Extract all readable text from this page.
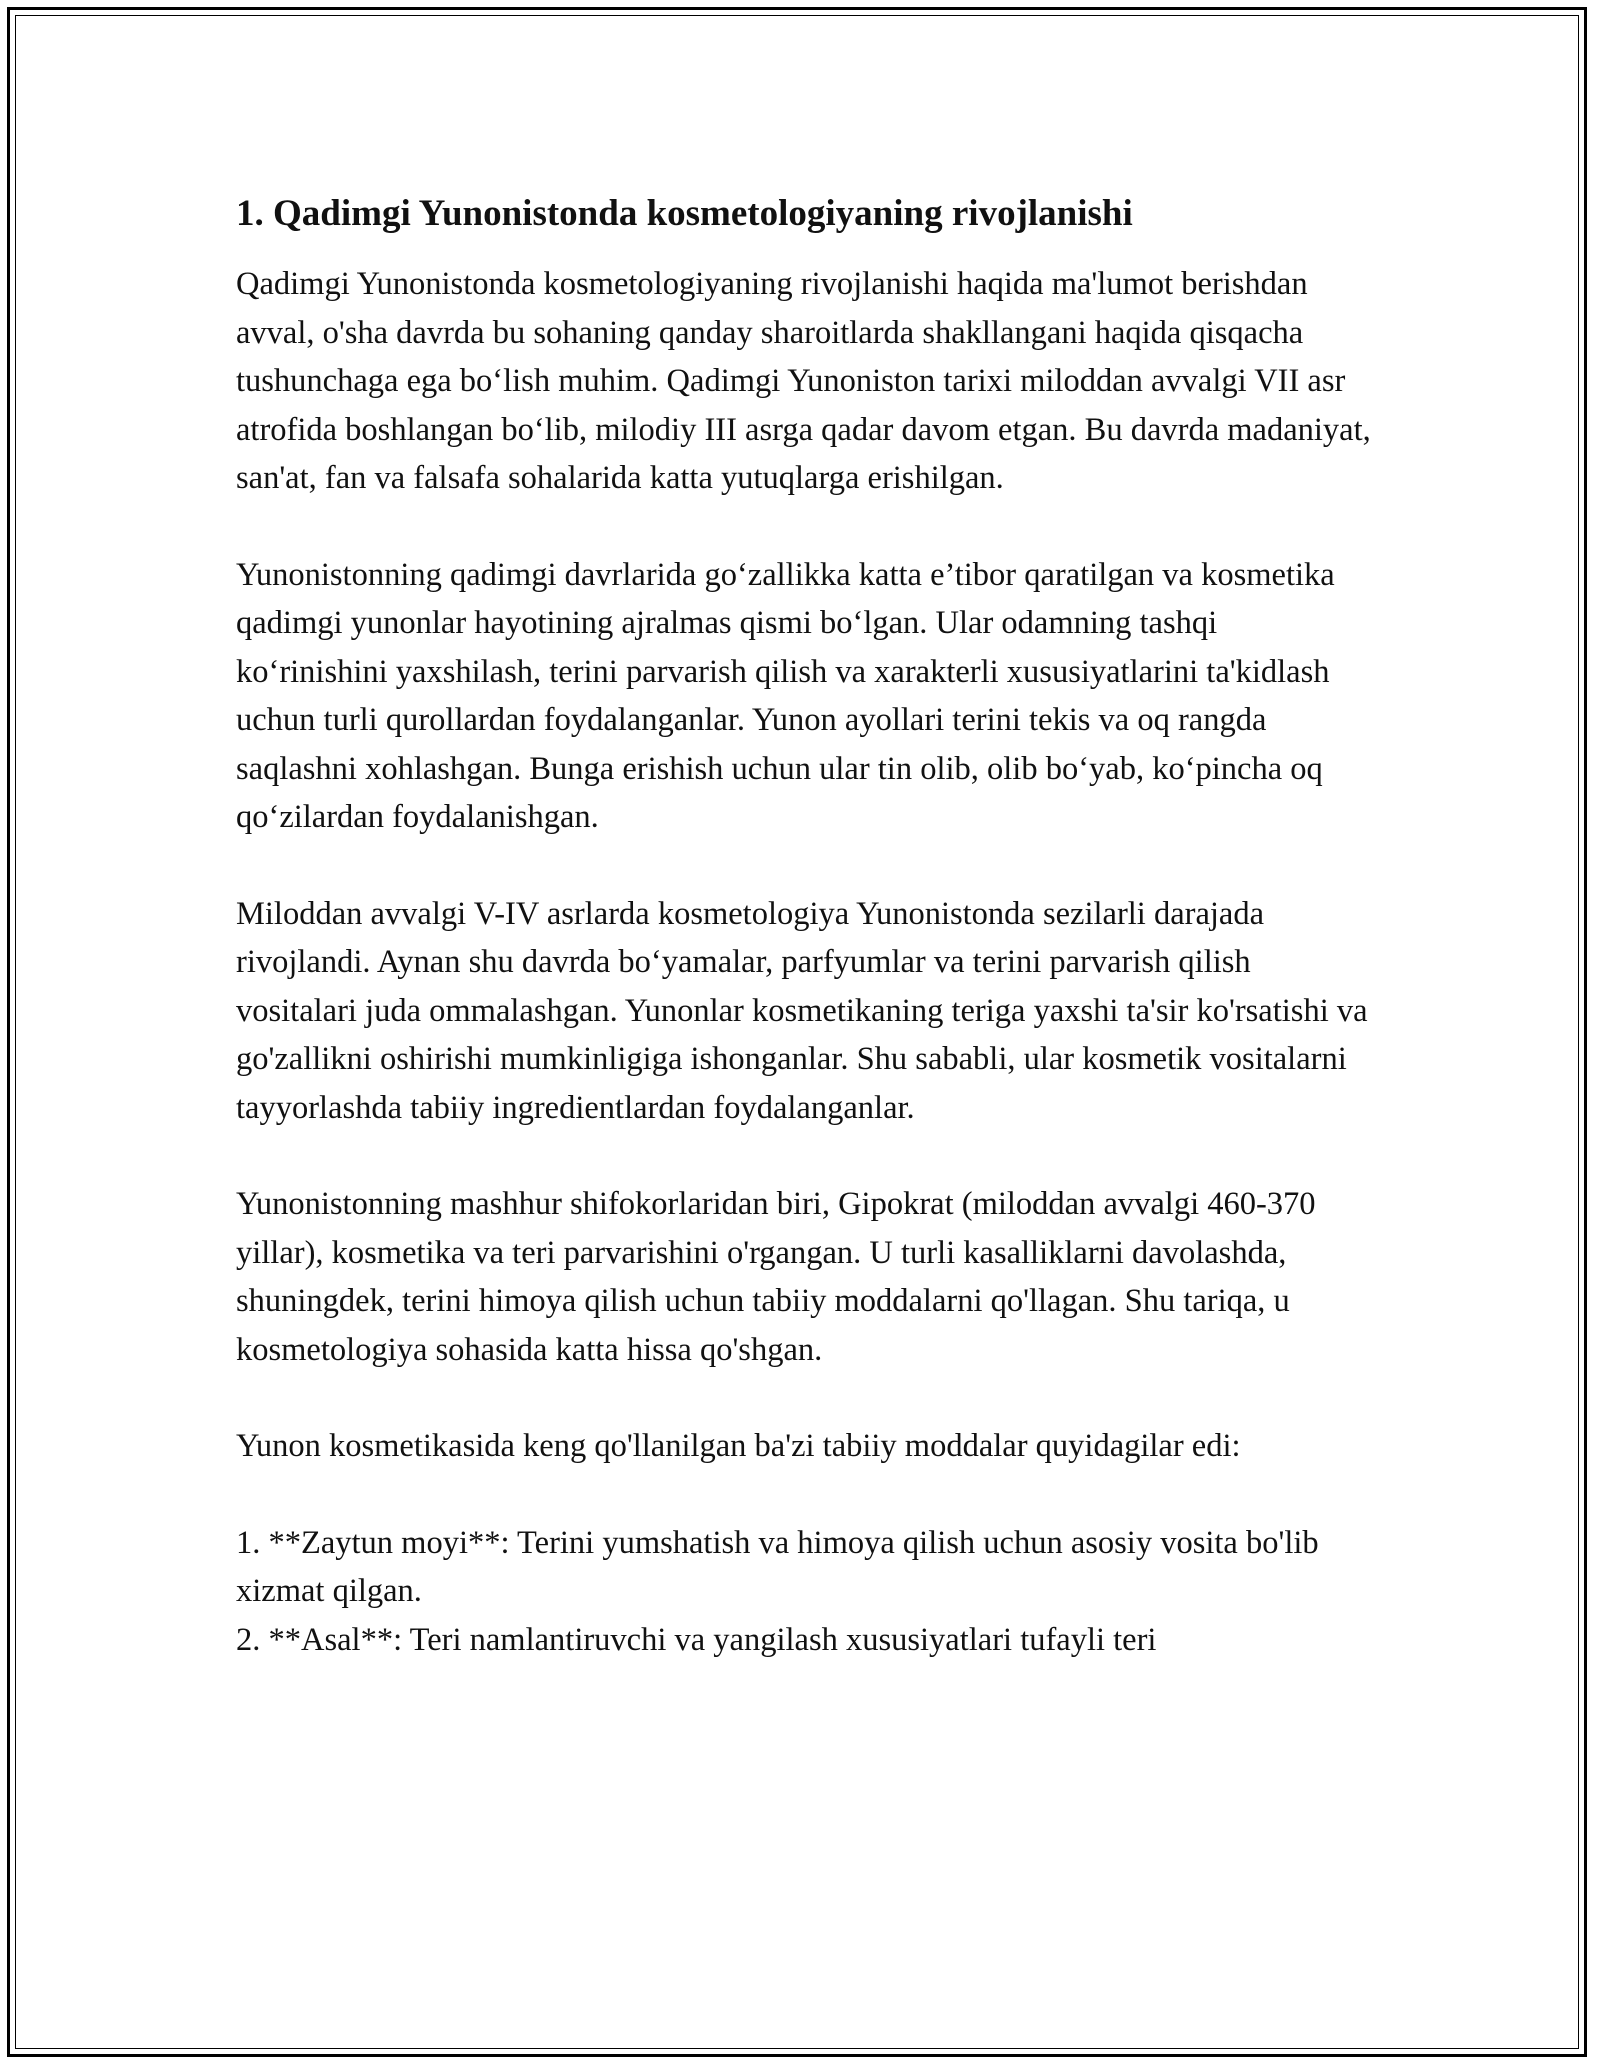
1. Qadimgi Yunonistonda kosmetologiyaning rivojlanishi

Qadimgi Yunonistonda kosmetologiyaning rivojlanishi haqida ma'lumot berishdan avval, o'sha davrda bu sohaning qanday sharoitlarda shakllangani haqida qisqacha tushunchaga ega bo‘lish muhim. Qadimgi Yunoniston tarixi miloddan avvalgi VII asr atrofida boshlangan bo‘lib, milodiy III asrga qadar davom etgan. Bu davrda madaniyat, san'at, fan va falsafa sohalarida katta yutuqlarga erishilgan.

Yunonistonning qadimgi davrlarida go‘zallikka katta e’tibor qaratilgan va kosmetika qadimgi yunonlar hayotining ajralmas qismi bo‘lgan. Ular odamning tashqi ko‘rinishini yaxshilash, terini parvarish qilish va xarakterli xususiyatlarini ta'kidlash uchun turli qurollardan foydalanganlar. Yunon ayollari terini tekis va oq rangda saqlashni xohlashgan. Bunga erishish uchun ular tin olib, olib bo‘yab, ko‘pincha oq qo‘zilardan foydalanishgan.

Miloddan avvalgi V-IV asrlarda kosmetologiya Yunonistonda sezilarli darajada rivojlandi. Aynan shu davrda bo‘yamalar, parfyumlar va terini parvarish qilish vositalari juda ommalashgan. Yunonlar kosmetikaning teriga yaxshi ta'sir ko'rsatishi va go'zallikni oshirishi mumkinligiga ishonganlar. Shu sababli, ular kosmetik vositalarni tayyorlashda tabiiy ingredientlardan foydalanganlar.

Yunonistonning mashhur shifokorlaridan biri, Gipokrat (miloddan avvalgi 460-370 yillar), kosmetika va teri parvarishini o'rgangan. U turli kasalliklarni davolashda, shuningdek, terini himoya qilish uchun tabiiy moddalarni qo'llagan. Shu tariqa, u kosmetologiya sohasida katta hissa qo'shgan.

Yunon kosmetikasida keng qo'llanilgan ba'zi tabiiy moddalar quyidagilar edi:

1. **Zaytun moyi**: Terini yumshatish va himoya qilish uchun asosiy vosita bo'lib xizmat qilgan.
2. **Asal**: Teri namlantiruvchi va yangilash xususiyatlari tufayli teri
